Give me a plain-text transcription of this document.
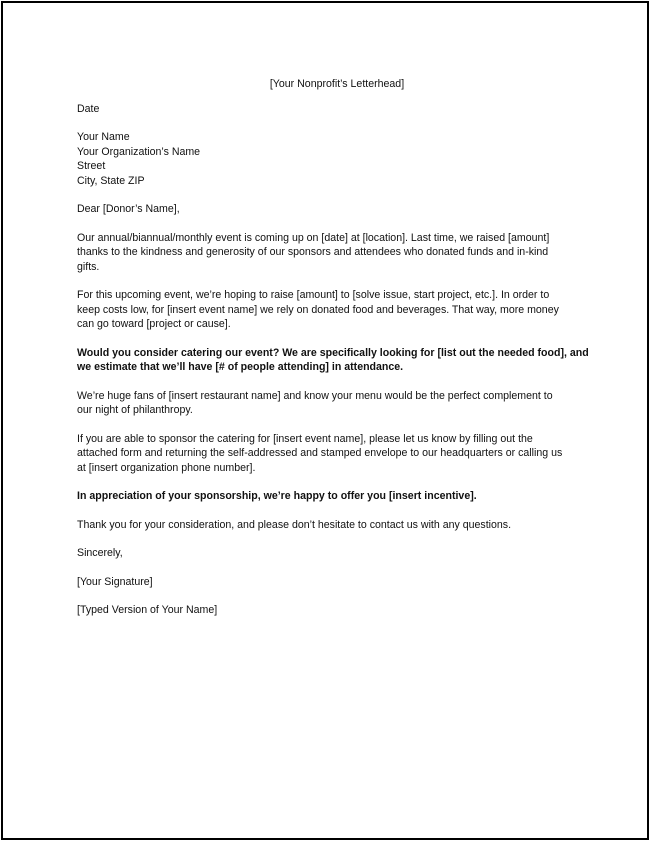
[Your Nonprofit’s Letterhead]
Date
Your Name
Your Organization’s Name
Street
City, State ZIP
Dear [Donor’s Name],

Our annual/biannual/monthly event is coming up on [date] at [location]. Last time, we raised [amount]
thanks to the kindness and generosity of our sponsors and attendees who donated funds and in-kind
gifts.

For this upcoming event, we’re hoping to raise [amount] to [solve issue, start project, etc.]. In order to
keep costs low, for [insert event name] we rely on donated food and beverages. That way, more money
can go toward [project or cause].

Would you consider catering our event? We are specifically looking for [list out the needed food], and
we estimate that we’ll have [# of people attending] in attendance.

We’re huge fans of [insert restaurant name] and know your menu would be the perfect complement to
our night of philanthropy.

If you are able to sponsor the catering for [insert event name], please let us know by filling out the
attached form and returning the self-addressed and stamped envelope to our headquarters or calling us
at [insert organization phone number].

In appreciation of your sponsorship, we’re happy to offer you [insert incentive].

Thank you for your consideration, and please don’t hesitate to contact us with any questions.

Sincerely,
[Your Signature]
[Typed Version of Your Name]
